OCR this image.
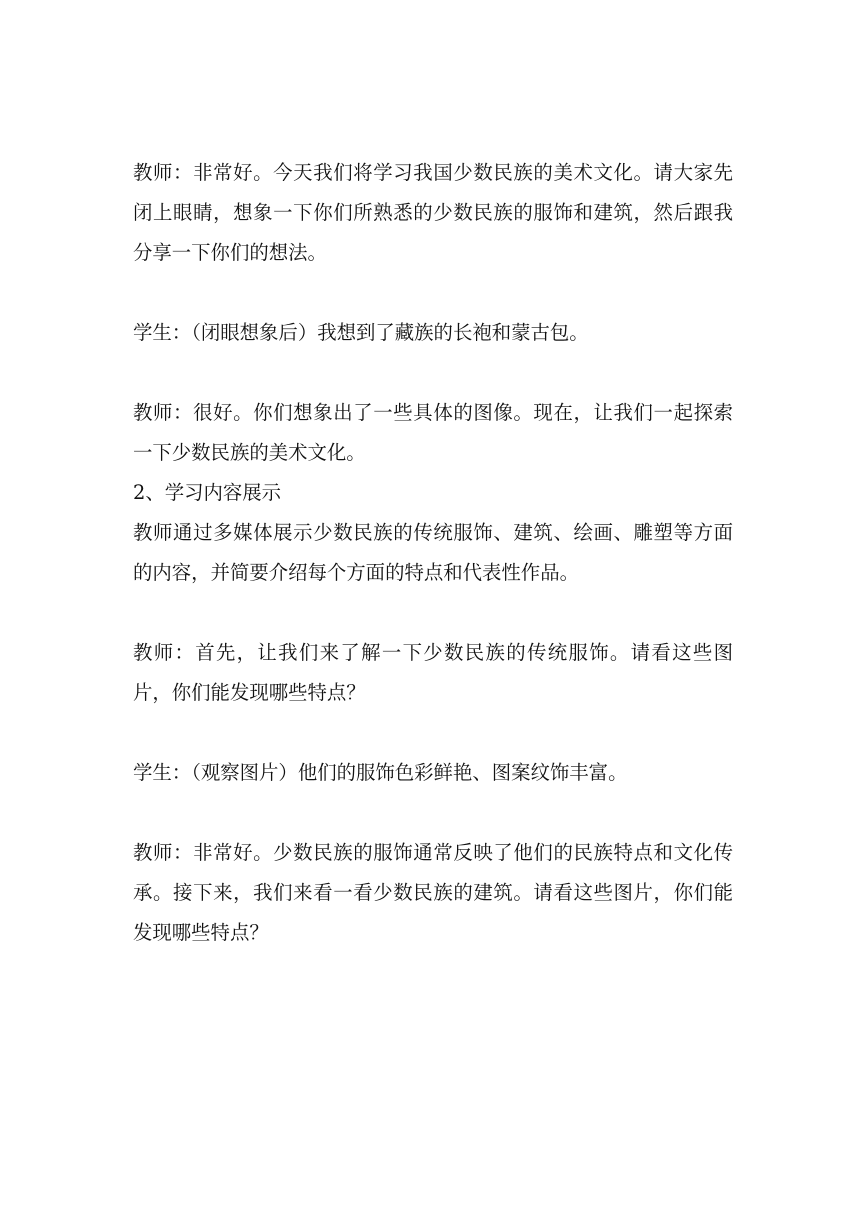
教师：非常好。今天我们将学习我国少数民族的美术文化。请大家先闭上眼睛，想象一下你们所熟悉的少数民族的服饰和建筑，然后跟我分享一下你们的想法。

学生：（闭眼想象后）我想到了藏族的长袍和蒙古包。

教师：很好。你们想象出了一些具体的图像。现在，让我们一起探索一下少数民族的美术文化。

2、学习内容展示

教师通过多媒体展示少数民族的传统服饰、建筑、绘画、雕塑等方面的内容，并简要介绍每个方面的特点和代表性作品。

教师：首先，让我们来了解一下少数民族的传统服饰。请看这些图片，你们能发现哪些特点？

学生：（观察图片）他们的服饰色彩鲜艳、图案纹饰丰富。

教师：非常好。少数民族的服饰通常反映了他们的民族特点和文化传承。接下来，我们来看一看少数民族的建筑。请看这些图片，你们能发现哪些特点？
